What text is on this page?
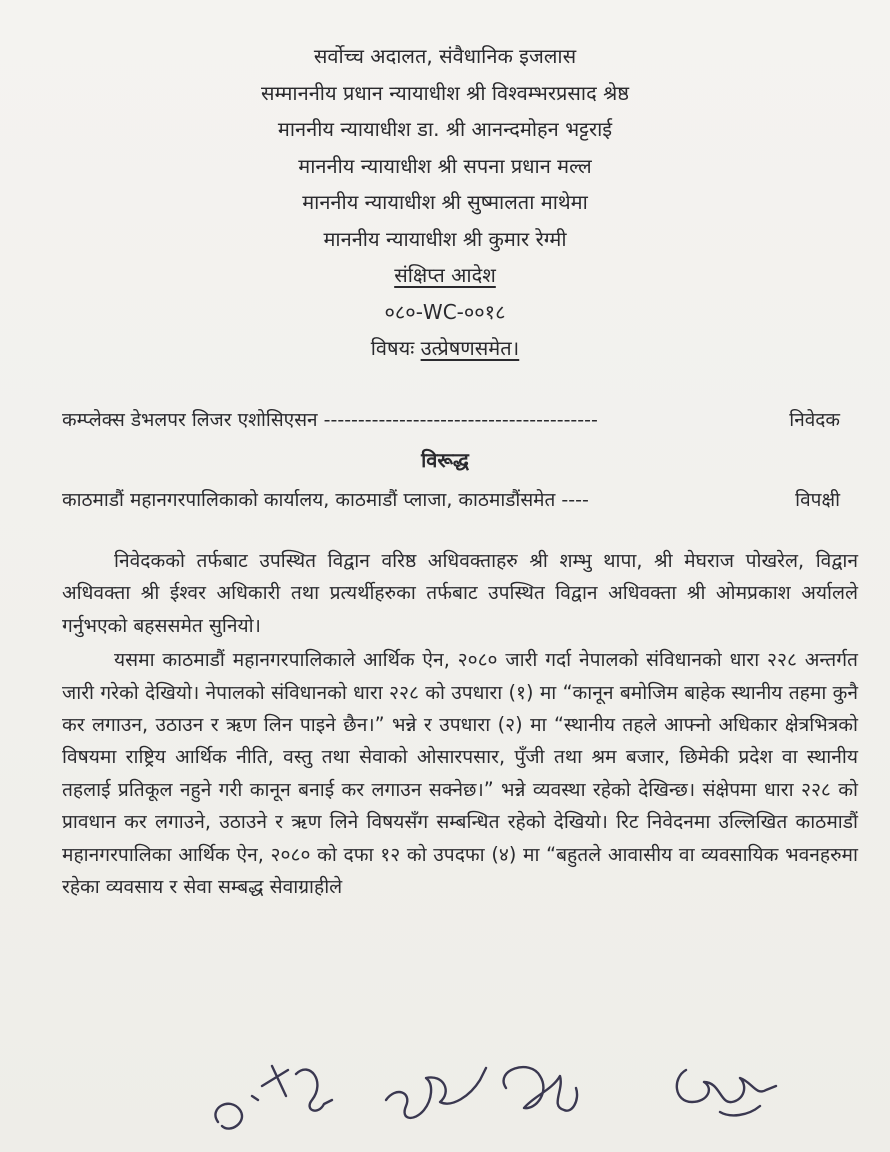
सर्वोच्च अदालत, संवैधानिक इजलास
सम्माननीय प्रधान न्यायाधीश श्री विश्वम्भरप्रसाद श्रेष्ठ
माननीय न्यायाधीश डा. श्री आनन्दमोहन भट्टराई
माननीय न्यायाधीश श्री सपना प्रधान मल्ल
माननीय न्यायाधीश श्री सुष्मालता माथेमा
माननीय न्यायाधीश श्री कुमार रेग्मी
संक्षिप्त आदेश
०८०-WC-००१८
विषयः उत्प्रेषणसमेत।
कम्प्लेक्स डेभलपर लिजर एशोसिएसन ----------------------------------------	निवेदक
विरूद्ध
काठमाडौं महानगरपालिकाको कार्यालय, काठमाडौं प्लाजा, काठमाडौंसमेत ----	विपक्षी

निवेदकको तर्फबाट उपस्थित विद्वान वरिष्ठ अधिवक्ताहरु श्री शम्भु थापा, श्री मेघराज पोखरेल, विद्वान अधिवक्ता श्री ईश्वर अधिकारी तथा प्रत्यर्थीहरुका तर्फबाट उपस्थित विद्वान अधिवक्ता श्री ओमप्रकाश अर्यालले गर्नुभएको बहससमेत सुनियो।

यसमा काठमाडौं महानगरपालिकाले आर्थिक ऐन, २०८० जारी गर्दा नेपालको संविधानको धारा २२८ अन्तर्गत जारी गरेको देखियो। नेपालको संविधानको धारा २२८ को उपधारा (१) मा “कानून बमोजिम बाहेक स्थानीय तहमा कुनै कर लगाउन, उठाउन र ऋण लिन पाइने छैन।” भन्ने र उपधारा (२) मा “स्थानीय तहले आफ्नो अधिकार क्षेत्रभित्रको विषयमा राष्ट्रिय आर्थिक नीति, वस्तु तथा सेवाको ओसारपसार, पुँजी तथा श्रम बजार, छिमेकी प्रदेश वा स्थानीय तहलाई प्रतिकूल नहुने गरी कानून बनाई कर लगाउन सक्नेछ।” भन्ने व्यवस्था रहेको देखिन्छ। संक्षेपमा धारा २२८ को प्रावधान कर लगाउने, उठाउने र ऋण लिने विषयसँग सम्बन्धित रहेको देखियो। रिट निवेदनमा उल्लिखित काठमाडौं महानगरपालिका आर्थिक ऐन, २०८० को दफा १२ को उपदफा (४) मा “बहुतले आवासीय वा व्यवसायिक भवनहरुमा रहेका व्यवसाय र सेवा सम्बद्ध सेवाग्राहीले
